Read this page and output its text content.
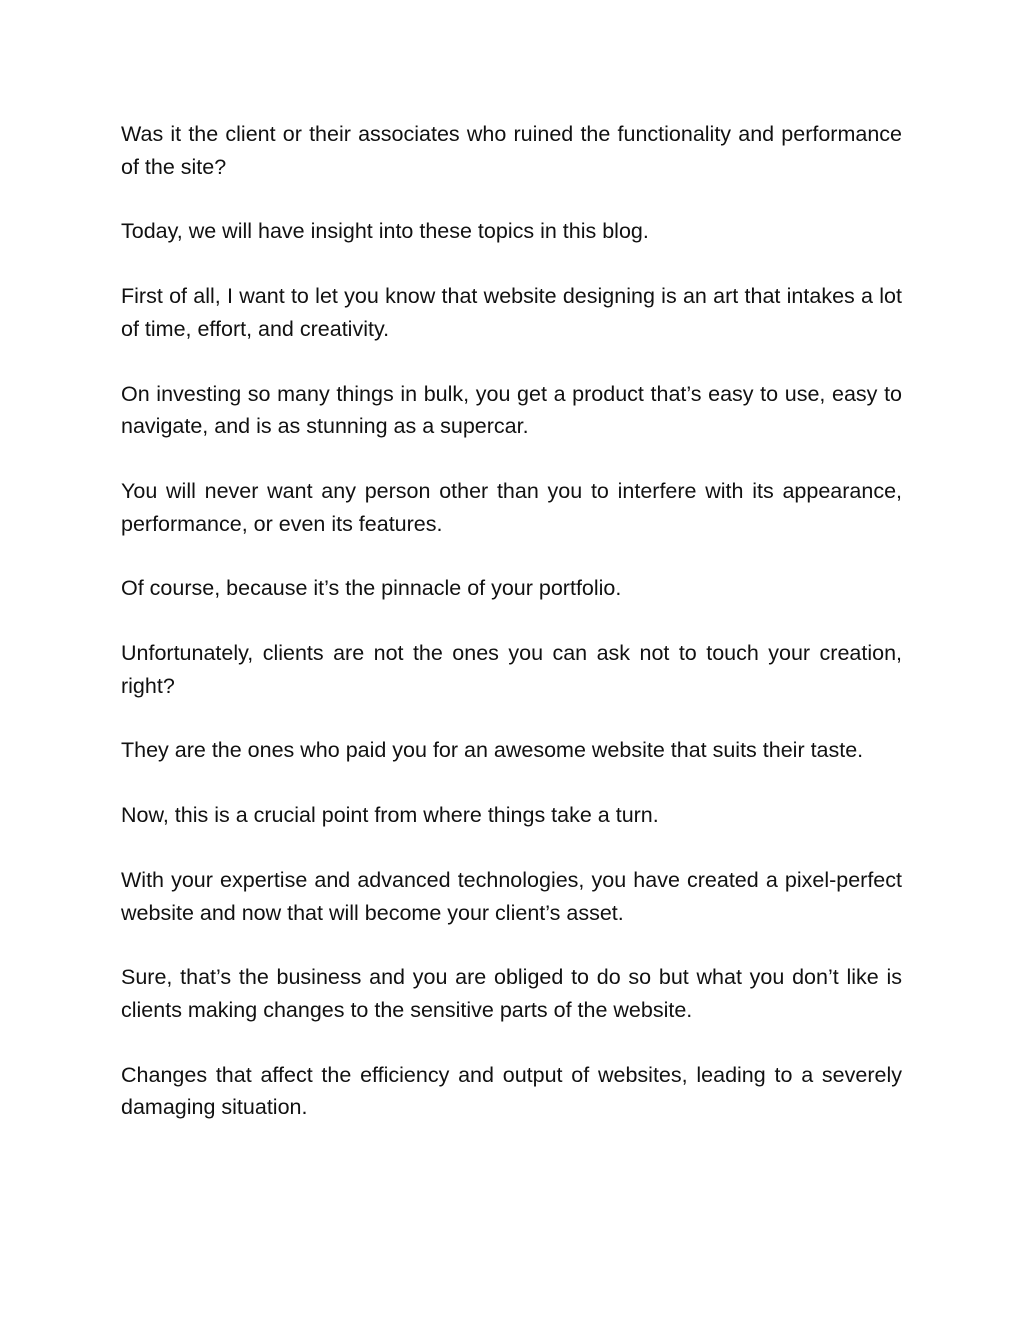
Was it the client or their associates who ruined the functionality and performance of the site?

Today, we will have insight into these topics in this blog.

First of all, I want to let you know that website designing is an art that intakes a lot of time, effort, and creativity.

On investing so many things in bulk, you get a product that’s easy to use, easy to navigate, and is as stunning as a supercar.

You will never want any person other than you to interfere with its appearance, performance, or even its features.

Of course, because it’s the pinnacle of your portfolio.

Unfortunately, clients are not the ones you can ask not to touch your creation, right?

They are the ones who paid you for an awesome website that suits their taste.

Now, this is a crucial point from where things take a turn.

With your expertise and advanced technologies, you have created a pixel-perfect website and now that will become your client’s asset.

Sure, that’s the business and you are obliged to do so but what you don’t like is clients making changes to the sensitive parts of the website.

Changes that affect the efficiency and output of websites, leading to a severely damaging situation.
